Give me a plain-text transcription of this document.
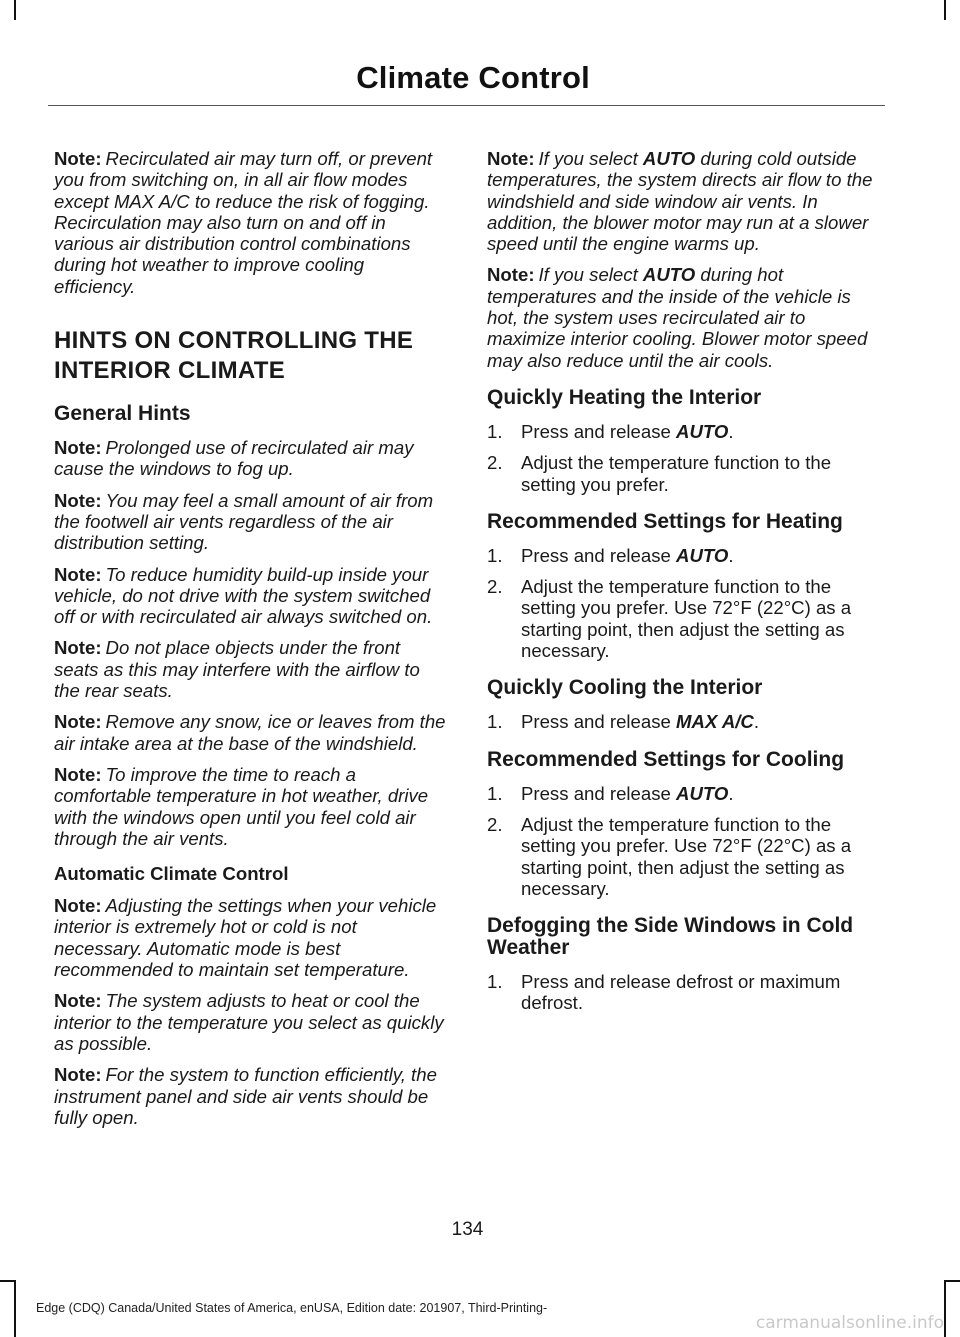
Climate Control

Note: Recirculated air may turn off, or prevent you from switching on, in all air flow modes except MAX A/C to reduce the risk of fogging. Recirculation may also turn on and off in various air distribution control combinations during hot weather to improve cooling efficiency.

HINTS ON CONTROLLING THE
INTERIOR CLIMATE
General Hints

Note: Prolonged use of recirculated air may cause the windows to fog up.

Note: You may feel a small amount of air from the footwell air vents regardless of the air distribution setting.

Note: To reduce humidity build-up inside your vehicle, do not drive with the system switched off or with recirculated air always switched on.

Note: Do not place objects under the front seats as this may interfere with the airflow to the rear seats.

Note: Remove any snow, ice or leaves from the air intake area at the base of the windshield.

Note: To improve the time to reach a comfortable temperature in hot weather, drive with the windows open until you feel cold air through the air vents.

Automatic Climate Control

Note: Adjusting the settings when your vehicle interior is extremely hot or cold is not necessary. Automatic mode is best recommended to maintain set temperature.

Note: The system adjusts to heat or cool the interior to the temperature you select as quickly as possible.

Note: For the system to function efficiently, the instrument panel and side air vents should be fully open.

Note: If you select AUTO during cold outside temperatures, the system directs air flow to the windshield and side window air vents. In addition, the blower motor may run at a slower speed until the engine warms up.

Note: If you select AUTO during hot temperatures and the inside of the vehicle is hot, the system uses recirculated air to maximize interior cooling. Blower motor speed may also reduce until the air cools.

Quickly Heating the Interior
1. Press and release AUTO.
2. Adjust the temperature function to the setting you prefer.
Recommended Settings for Heating
1. Press and release AUTO.
2. Adjust the temperature function to the setting you prefer. Use 72°F (22°C) as a starting point, then adjust the setting as necessary.
Quickly Cooling the Interior
1. Press and release MAX A/C.
Recommended Settings for Cooling
1. Press and release AUTO.
2. Adjust the temperature function to the setting you prefer. Use 72°F (22°C) as a starting point, then adjust the setting as necessary.
Defogging the Side Windows in Cold Weather
1. Press and release defrost or maximum defrost.
134
Edge (CDQ) Canada/United States of America, enUSA, Edition date: 201907, Third-Printing-
carmanualsonline.info
